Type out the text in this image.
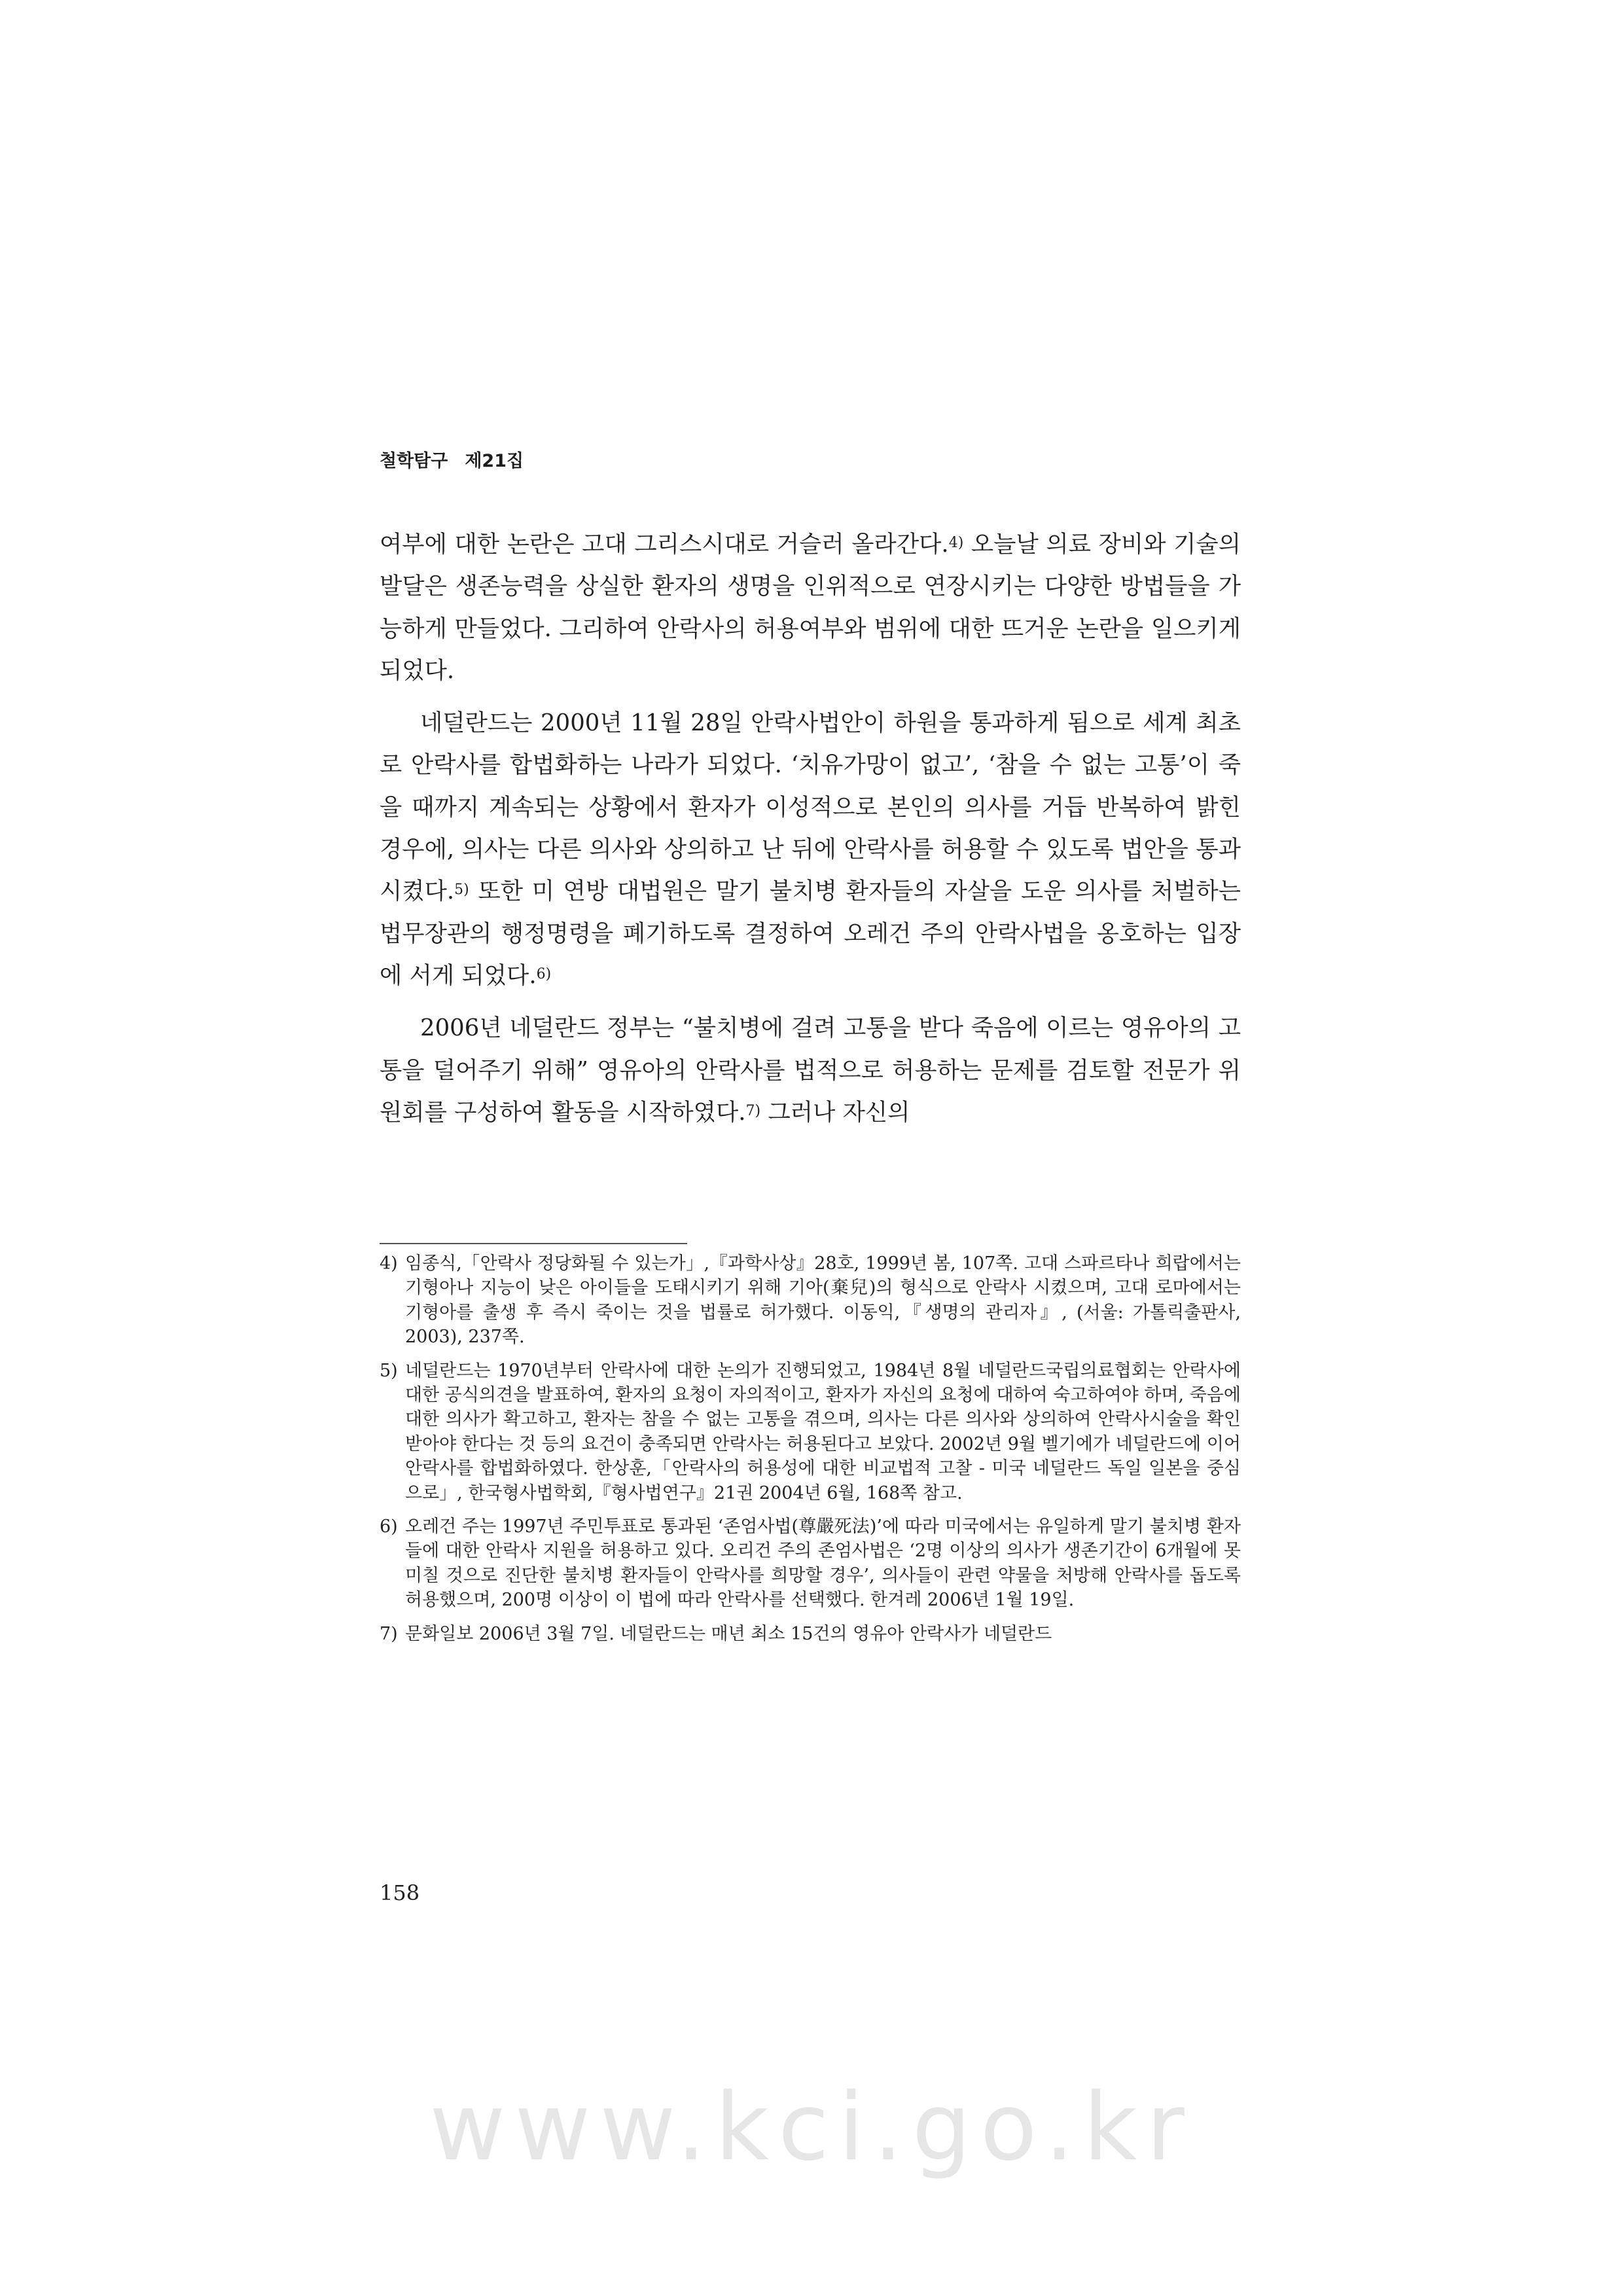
철학탐구 제21집

여부에 대한 논란은 고대 그리스시대로 거슬러 올라간다.$^{4)}$ 오늘날 의료 장비와 기술의 발달은 생존능력을 상실한 환자의 생명을 인위적으로 연장시키는 다양한 방법들을 가능하게 만들었다. 그리하여 안락사의 허용여부와 범위에 대한 뜨거운 논란을 일으키게 되었다.

네덜란드는 2000년 11월 28일 안락사법안이 하원을 통과하게 됨으로 세계 최초로 안락사를 합법화하는 나라가 되었다. ‘치유가망이 없고’, ‘참을 수 없는 고통’이 죽을 때까지 계속되는 상황에서 환자가 이성적으로 본인의 의사를 거듭 반복하여 밝힌 경우에, 의사는 다른 의사와 상의하고 난 뒤에 안락사를 허용할 수 있도록 법안을 통과시켰다.$^{5)}$ 또한 미 연방 대법원은 말기 불치병 환자들의 자살을 도운 의사를 처벌하는 법무장관의 행정명령을 폐기하도록 결정하여 오레건 주의 안락사법을 옹호하는 입장에 서게 되었다.$^{6)}$

2006년 네덜란드 정부는 “불치병에 걸려 고통을 받다 죽음에 이르는 영유아의 고통을 덜어주기 위해” 영유아의 안락사를 법적으로 허용하는 문제를 검토할 전문가 위원회를 구성하여 활동을 시작하였다.$^{7)}$ 그러나 자신의

4) 임종식,「안락사 정당화될 수 있는가」,『과학사상』28호, 1999년 봄, 107쪽. 고대 스파르타나 희랍에서는 기형아나 지능이 낮은 아이들을 도태시키기 위해 기아(棄兒)의 형식으로 안락사 시켰으며, 고대 로마에서는 기형아를 출생 후 즉시 죽이는 것을 법률로 허가했다. 이동익,『생명의 관리자』, (서울: 가톨릭출판사, 2003), 237쪽.
5) 네덜란드는 1970년부터 안락사에 대한 논의가 진행되었고, 1984년 8월 네덜란드국립의료협회는 안락사에 대한 공식의견을 발표하여, 환자의 요청이 자의적이고, 환자가 자신의 요청에 대하여 숙고하여야 하며, 죽음에 대한 의사가 확고하고, 환자는 참을 수 없는 고통을 겪으며, 의사는 다른 의사와 상의하여 안락사시술을 확인받아야 한다는 것 등의 요건이 충족되면 안락사는 허용된다고 보았다. 2002년 9월 벨기에가 네덜란드에 이어 안락사를 합법화하였다. 한상훈,「안락사의 허용성에 대한 비교법적 고찰 - 미국 네덜란드 독일 일본을 중심으로」, 한국형사법학회,『형사법연구』21권 2004년 6월, 168쪽 참고.
6) 오레건 주는 1997년 주민투표로 통과된 ‘존엄사법(尊嚴死法)’에 따라 미국에서는 유일하게 말기 불치병 환자들에 대한 안락사 지원을 허용하고 있다. 오리건 주의 존엄사법은 ‘2명 이상의 의사가 생존기간이 6개월에 못 미칠 것으로 진단한 불치병 환자들이 안락사를 희망할 경우’, 의사들이 관련 약물을 처방해 안락사를 돕도록 허용했으며, 200명 이상이 이 법에 따라 안락사를 선택했다. 한겨레 2006년 1월 19일.
7) 문화일보 2006년 3월 7일. 네덜란드는 매년 최소 15건의 영유아 안락사가 네덜란드
158
www.kci.go.kr
